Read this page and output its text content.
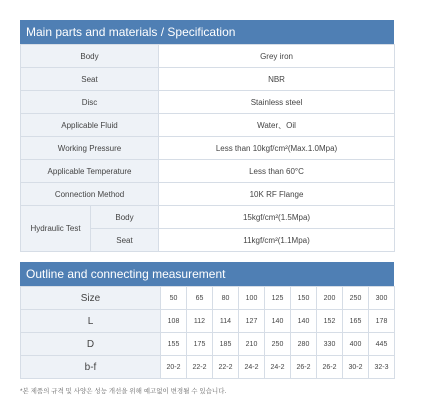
Main parts and materials / Specification
Body		Grey iron
Seat		NBR
Disc		Stainless steel
Applicable Fluid		Water、Oil
Working Pressure		Less than 10kgf/cm²(Max.1.0Mpa)
Applicable Temperature		Less than 60°C
Connection Method		10K RF Flange
Hydraulic Test	Body	15kgf/cm²(1.5Mpa)
	Seat	11kgf/cm²(1.1Mpa)
Outline and connecting measurement
Size	50	65	80	100	125	150	200	250	300
L	108	112	114	127	140	140	152	165	178
D	155	175	185	210	250	280	330	400	445
b-f	20-2	22-2	22-2	24-2	24-2	26-2	26-2	30-2	32-3
*본 제품의 규격 및 사양은 성능 개선을 위해 예고없이 변경될 수 있습니다.
